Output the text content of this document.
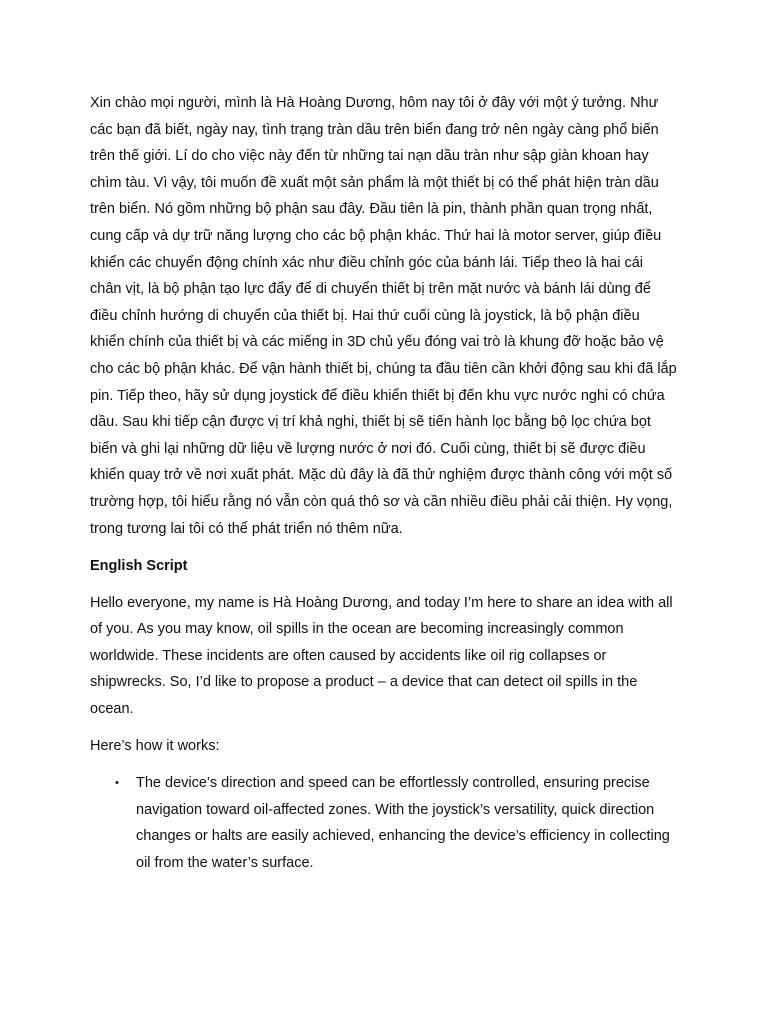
Xin chào mọi người, mình là Hà Hoàng Dương, hôm nay tôi ở đây với một ý tưởng. Như các bạn đã biết, ngày nay, tình trạng tràn dầu trên biển đang trở nên ngày càng phổ biến trên thế giới. Lí do cho việc này đến từ những tai nạn dầu tràn như sập giàn khoan hay chìm tàu. Vì vậy, tôi muốn đề xuất một sản phẩm là một thiết bị có thể phát hiện tràn dầu trên biển. Nó gồm những bộ phận sau đây. Đầu tiên là pin, thành phần quan trọng nhất, cung cấp và dự trữ năng lượng cho các bộ phận khác. Thứ hai là motor server, giúp điều khiển các chuyển động chính xác như điều chỉnh góc của bánh lái. Tiếp theo là hai cái chân vịt, là bộ phận tạo lực đẩy để di chuyển thiết bị trên mặt nước và bánh lái dùng để điều chỉnh hướng di chuyển của thiết bị. Hai thứ cuối cùng là joystick, là bộ phận điều khiển chính của thiết bị và các miếng in 3D chủ yếu đóng vai trò là khung đỡ hoặc bảo vệ cho các bộ phận khác. Để vận hành thiết bị, chúng ta đầu tiên cần khởi động sau khi đã lắp pin. Tiếp theo, hãy sử dụng joystick để điều khiển thiết bị đến khu vực nước nghi có chứa dầu. Sau khi tiếp cận được vị trí khả nghi, thiết bị sẽ tiến hành lọc bằng bộ lọc chứa bọt biển và ghi lại những dữ liệu về lượng nước ở nơi đó. Cuối cùng, thiết bị sẽ được điều khiển quay trở về nơi xuất phát. Mặc dù đây là đã thử nghiệm được thành công với một số trường hợp, tôi hiểu rằng nó vẫn còn quá thô sơ và cần nhiều điều phải cải thiện. Hy vọng, trong tương lai tôi có thể phát triển nó thêm nữa.

English Script

Hello everyone, my name is Hà Hoàng Dương, and today I’m here to share an idea with all of you. As you may know, oil spills in the ocean are becoming increasingly common worldwide. These incidents are often caused by accidents like oil rig collapses or shipwrecks. So, I’d like to propose a product – a device that can detect oil spills in the ocean.

Here’s how it works:

• The device’s direction and speed can be effortlessly controlled, ensuring precise navigation toward oil-affected zones. With the joystick’s versatility, quick direction changes or halts are easily achieved, enhancing the device’s efficiency in collecting oil from the water’s surface.
